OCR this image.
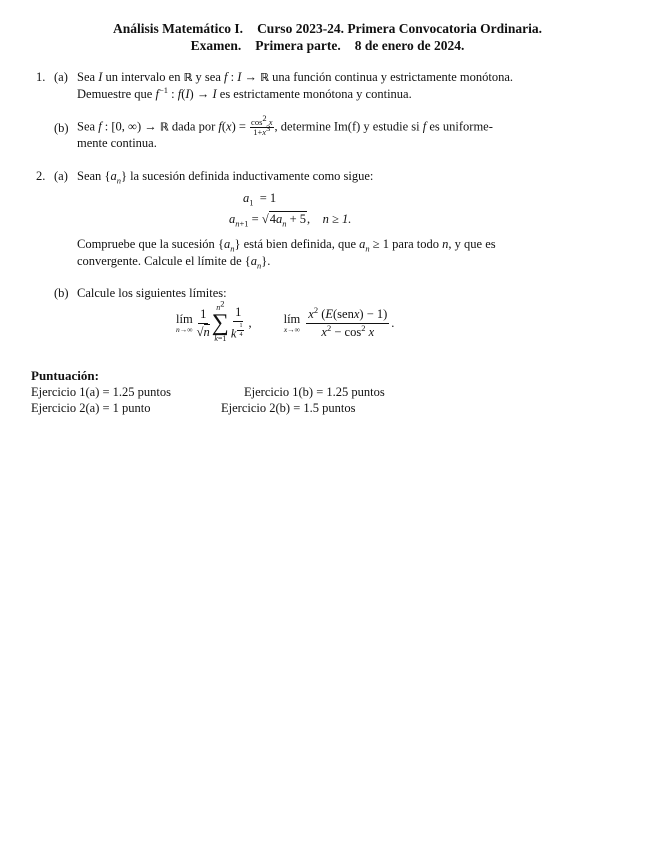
Análisis Matemático I. Curso 2023-24. Primera Convocatoria Ordinaria.
Examen. Primera parte. 8 de enero de 2024.
1. (a) Sea I un intervalo en ℝ y sea f : I → ℝ una función continua y estrictamente monótona.
Demuestre que $f^{-1}$ : f(I) → I es estrictamente monótona y continua.
(b) Sea f : [0, ∞) → ℝ dada por $f(x) = \frac{\cos^2 x}{1+x^3}$ , determine Im(f) y estudie si f es uniforme-
mente continua.
2. (a) Sean $\{a_n\}$ la sucesión definida inductivamente como sigue:
$a_1 = 1$
$a_{n+1} = √4a_n + 5$,    n ≥ 1.
Compruebe que la sucesión $\{a_n\}$ está bien definida, que $a_n \ge 1$ para todo n, y que es
convergente. Calcule el límite de $\{a_n\}$.
(b) Calcule los siguientes límites:
lím
$n\to\infty \frac{1}{√n} n^2$
∑
k=1 1
k $^{\frac{1}{4}}$ ,	lím
$x\to\infty \frac{x^2 (E(senx) - 1)}{x^2 - \cos^2 x}$ .
Puntuación:
Ejercicio 1(a) = 1.25 puntos	Ejercicio 1(b) = 1.25 puntos
Ejercicio 2(a) = 1 punto	Ejercicio 2(b) = 1.5 puntos
